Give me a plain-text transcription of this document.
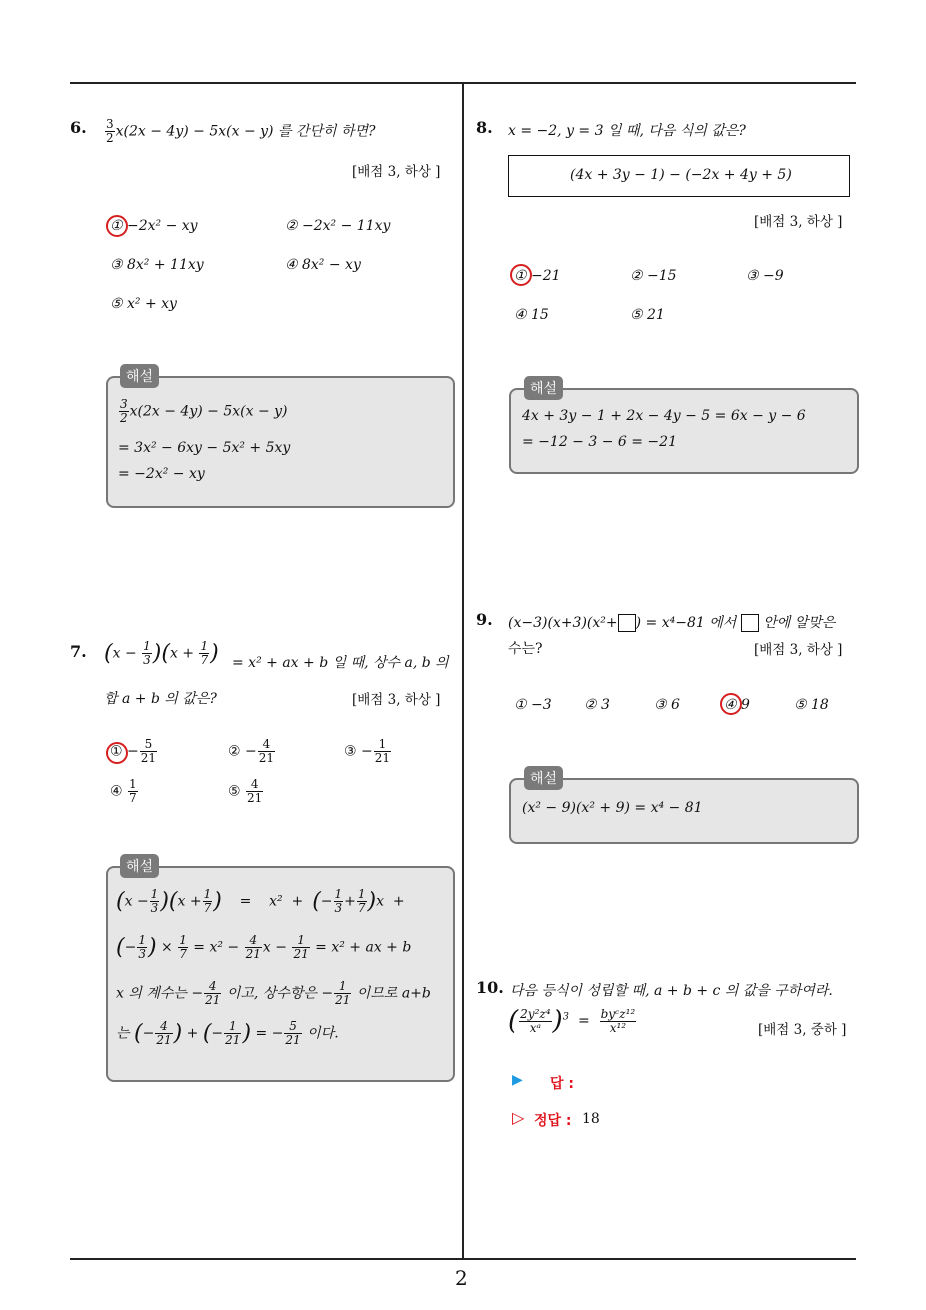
2
6. $\frac{3}{2} x(2x - 4y) - 5x(x - y)$ 를 간단히 하면?
[배점 3, 하상 ]
① −2x² − xy	② −2x² − 11xy
③ 8x² + 11xy	④ 8x² − xy
⑤ x² + xy
해설
$\frac{3}{2} x(2x - 4y) - 5x(x - y)$
= 3x² − 6xy − 5x² + 5xy
= −2x² − xy
7. $(x - \frac{1}{3} )(x + \frac{1}{7}$ ) = x² + ax + b 일 때, 상수 a, b 의
합 a + b 의 값은?	[배점 3, 하상 ]
① − $\frac{5}{21}$	② − $\frac{4}{21}$	③ − $\frac{1}{21}$
④ $\frac{1}{7}$	⑤ $\frac{4}{21}$
해설
$(x - \frac{1}{3} )(x + \frac{1}{7}$ )    =    x²  +  (− $\frac{1}{3} + \frac{1}{7} )x$  +
(− $\frac{1}{3}$ ) × $\frac{1}{7} = x^2 - \frac{4}{21}$ $x - \frac{1}{21} = x^2$ + ax + b
x 의 계수는 − $\frac{4}{21}$ 이고, 상수항은 − $\frac{1}{21}$ 이므로 a+b
는 (− $\frac{4}{21}$ ) + (− $\frac{1}{21}$ ) = − $\frac{5}{21}$ 이다.
8. x = −2, y = 3 일 때, 다음 식의 값은?
(4x + 3y − 1) − (−2x + 4y + 5)
[배점 3, 하상 ]
① −21	② −15	③ −9
④ 15	⑤ 21
해설
4x + 3y − 1 + 2x − 4y − 5 = 6x − y − 6
= −12 − 3 − 6 = −21
9. (x−3)(x+3)(x²+ ) = x⁴−81 에서 안에 알맞은
수는?	[배점 3, 하상 ]
① −3 ② 3	③ 6	④ 9	⑤ 18
해설
(x² − 9)(x² + 9) = x⁴ − 81
10. 다음 등식이 성립할 때, a + b + c 의 값을 구하여라.
( $\frac{\text{2y²z⁴}}{\text{xᵃ}} )^3 = \frac{\text{byᶜz¹²}}{\text{x¹²}}$	[배점 3, 중하 ]
▶ 답 :
▷ 정답 : 18
